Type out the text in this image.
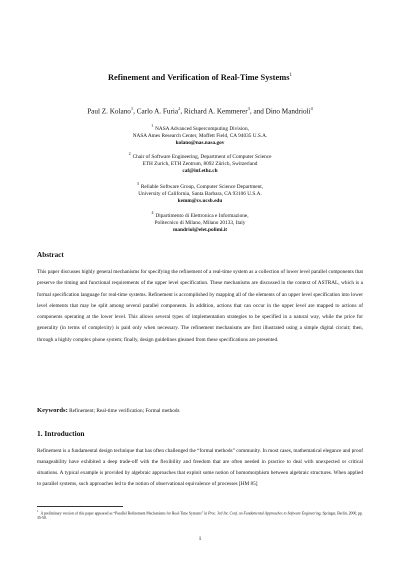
Refinement and Verification of Real-Time Systems$^1$
Paul Z. Kolano$^1$, Carlo A. Furia$^2$, Richard A. Kemmerer$^3$, and Dino Mandrioli$^4$
$^1$NASA Advanced Supercomputing Division,
NASA Ames Research Center, Moffett Field, CA 94035 U.S.A.
kolano@nas.nasa.gov
$^2$Chair of Software Engineering, Department of Computer Science
ETH Zurich, ETH Zentrum, 8092 Zürich, Switzerland
caf@inf.ethz.ch
$^3$Reliable Software Group, Computer Science Department,
University of California, Santa Barbara, CA 93106 U.S.A.
kemm@cs.ucsb.edu
$^4$Dipartimento di Elettronica e Informazione,
Politecnico di Milano, Milano 20133, Italy
mandriol@elet.polimi.it
Abstract
This paper discusses highly general mechanisms for specifying the refinement of a real-time system as a collection of lower level parallel components that preserve the timing and functional requirements of the upper level specification. These mechanisms are discussed in the context of ASTRAL, which is a formal specification language for real-time systems. Refinement is accomplished by mapping all of the elements of an upper level specification into lower level elements that may be split among several parallel components. In addition, actions that can occur in the upper level are mapped to actions of components operating at the lower level. This allows several types of implementation strategies to be specified in a natural way, while the price for generality (in terms of complexity) is paid only when necessary. The refinement mechanisms are first illustrated using a simple digital circuit; then, through a highly complex phone system; finally, design guidelines gleaned from these specifications are presented.
Keywords: Refinement; Real-time verification; Formal methods
1. Introduction
Refinement is a fundamental design technique that has often challenged the “formal methods” community. In most cases, mathematical elegance and proof manageability have exhibited a deep trade-off with the flexibility and freedom that are often needed in practice to deal with unexpected or critical situations. A typical example is provided by algebraic approaches that exploit some notion of homomorphism between algebraic structures. When applied to parallel systems, such approaches led to the notion of observational equivalence of processes [HM 85]
$^1$A preliminary version of this paper appeared as “Parallel Refinement Mechanisms for Real-Time Systems” in Proc. 3rd Int. Conf. on Fundamental Approaches to Software Engineering, Springer, Berlin, 2000, pp. 35-50.
1
